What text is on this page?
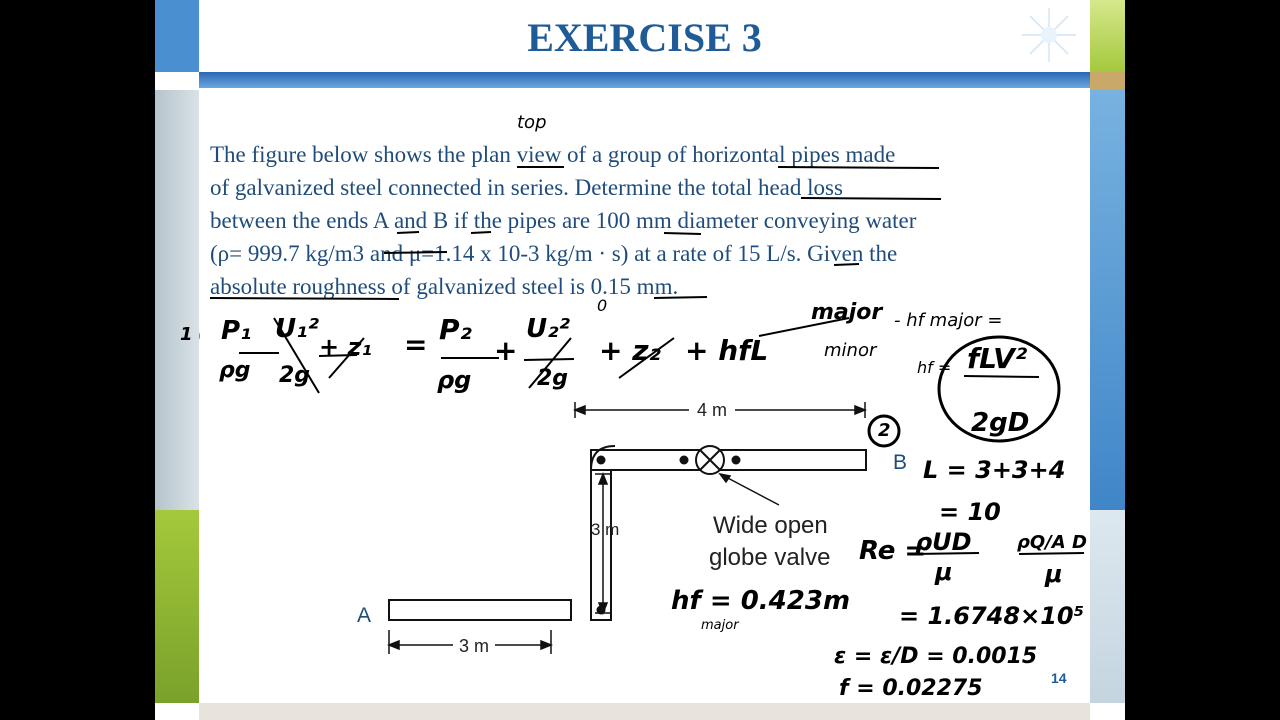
EXERCISE 3
The figure below shows the plan view of a group of horizontal pipes made
of galvanized steel connected in series. Determine the total head loss
between the ends A and B if the pipes are 100 mm diameter conveying water
(ρ= 999.7 kg/m3 and μ=1.14 x 10-3 kg/m · s) at a rate of 15 L/s. Given the
absolute roughness of galvanized steel is 0.15 mm.
4 m
3 m
3 m
A
B
Wide open
globe valve
top
1
2
P₁
ρg
U₁²
2g
+ z₁ = P₂
ρg
+
U₂²
2g
0
+ z₂ + hfL
major
minor
- hf major =
hf = fLV²
2gD
L = 3+3+4
= 10
Re =
ρUD
μ
ρQ/A D
μ
= 1.6748×10⁵
ε = ε/D = 0.0015
f = 0.02275
hf = 0.423m
major
14
